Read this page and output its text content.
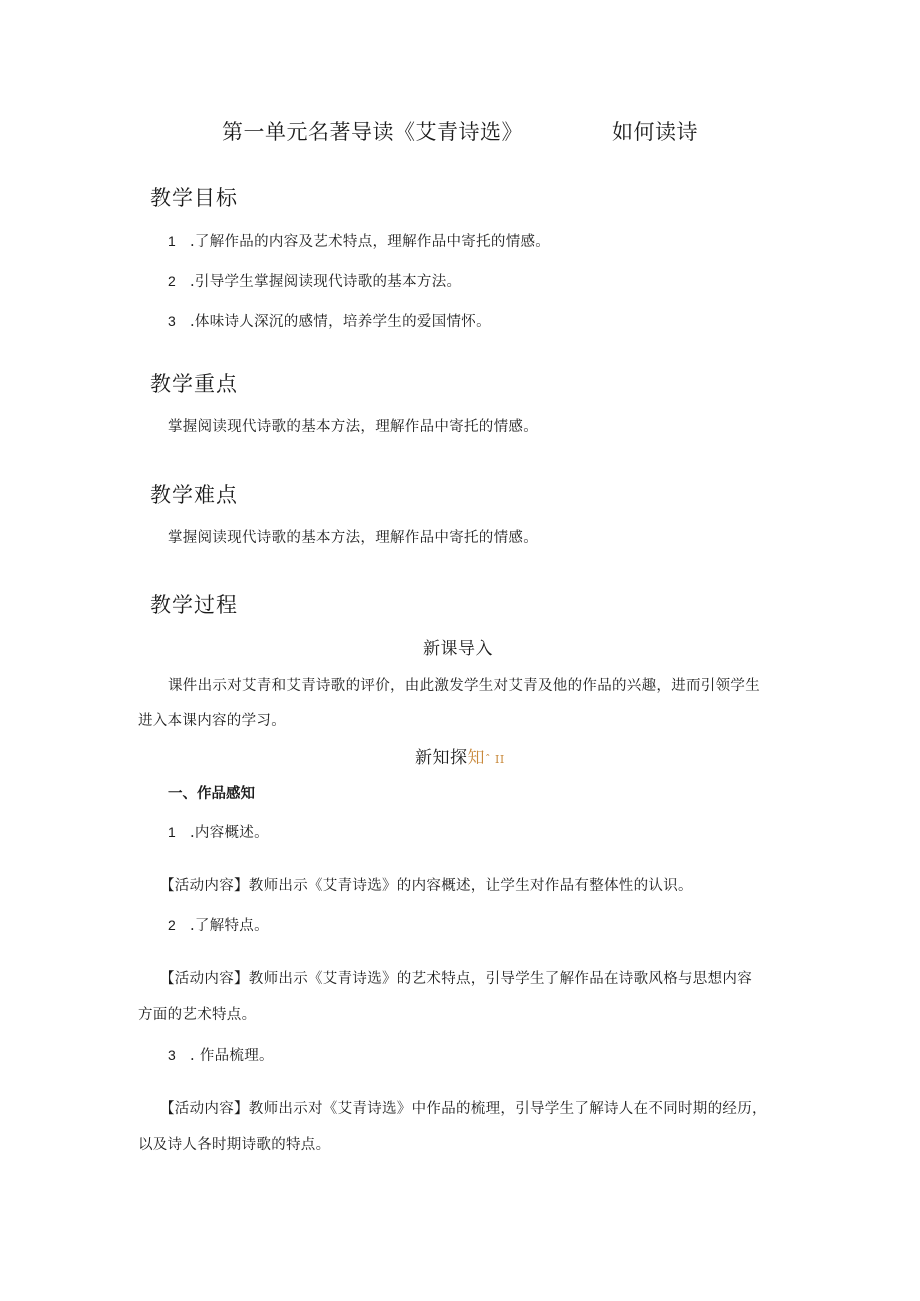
第一单元名著导读《艾青诗选》	如何读诗
教学目标
1 .了解作品的内容及艺术特点，理解作品中寄托的情感。
2 .引导学生掌握阅读现代诗歌的基本方法。
3 .体味诗人深沉的感情，培养学生的爱国情怀。
教学重点
掌握阅读现代诗歌的基本方法，理解作品中寄托的情感。
教学难点
掌握阅读现代诗歌的基本方法，理解作品中寄托的情感。
教学过程
新课导入
课件出示对艾青和艾青诗歌的评价，由此激发学生对艾青及他的作品的兴趣，进而引领学生
进入本课内容的学习。
新知探知ˆ II
一、作品感知
1 .内容概述。
【活动内容】教师出示《艾青诗选》的内容概述，让学生对作品有整体性的认识。
2 .了解特点。
【活动内容】教师出示《艾青诗选》的艺术特点，引导学生了解作品在诗歌风格与思想内容
方面的艺术特点。
3 . 作品梳理。
【活动内容】教师出示对《艾青诗选》中作品的梳理，引导学生了解诗人在不同时期的经历，
以及诗人各时期诗歌的特点。
